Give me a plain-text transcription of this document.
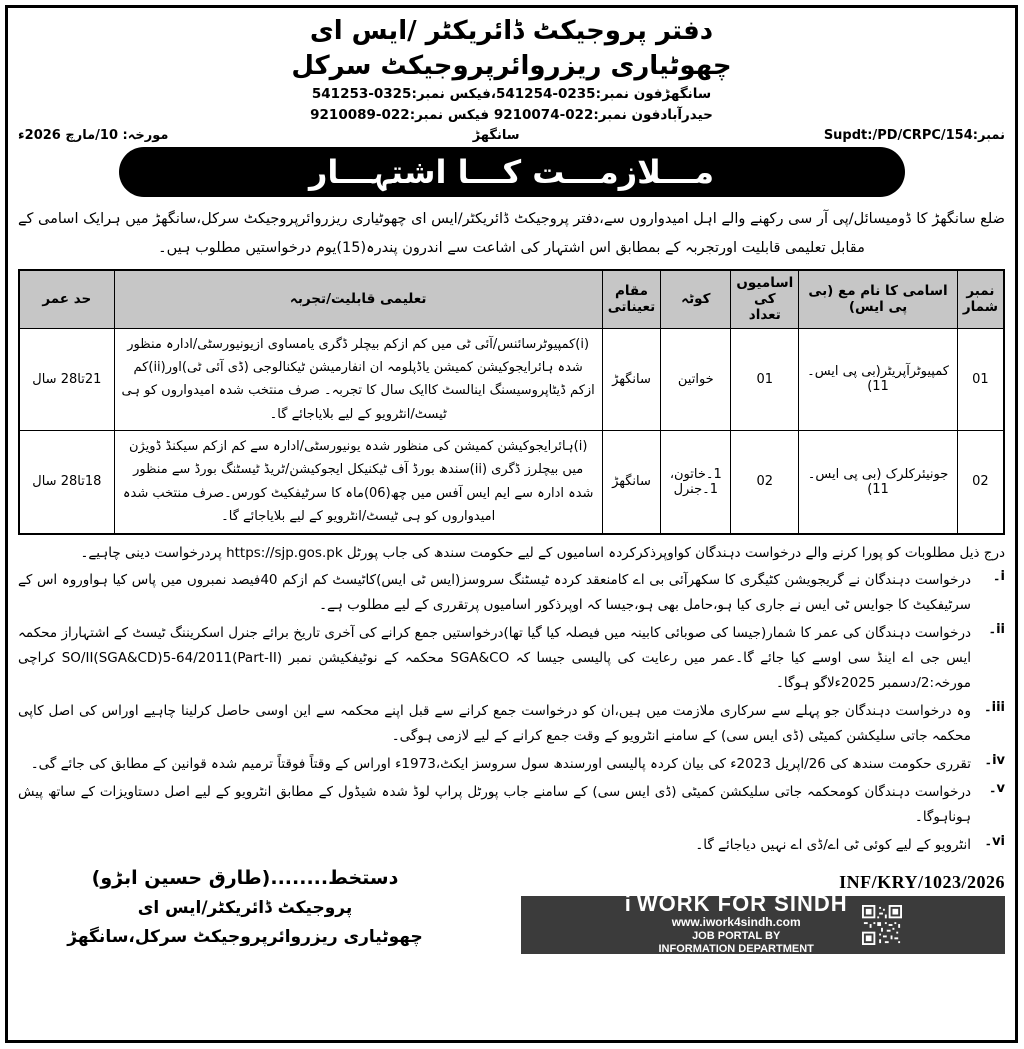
دفتر پروجیکٹ ڈائریکٹر /ایس ای
چھوٹیاری ریزروائرپروجیکٹ سرکل
سانگھڑفون نمبر:0235-541254،فیکس نمبر:0325-541253
حیدرآبادفون نمبر:022-9210074 فیکس نمبر:022-9210089
مورخہ: 10/مارچ 2026ء	سانگھڑ	نمبر:Supdt:/PD/CRPC/154
مـــلازمـــت کـــا اشتہـــار

ضلع سانگھڑ کا ڈومیسائل/پی آر سی رکھنے والے اہل امیدواروں سے،دفتر پروجیکٹ ڈائریکٹر/ایس ای چھوٹیاری ریزروائرپروجیکٹ سرکل،سانگھڑ میں ہرایک اسامی کے مقابل تعلیمی قابلیت اورتجربہ کے بمطابق اس اشتہار کی اشاعت سے اندرون پندرہ(15)یوم درخواستیں مطلوب ہیں۔

نمبر شمار	اسامی کا نام مع (بی پی ایس)	اسامیوں کی تعداد	کوٹہ	مقام تعیناتی	تعلیمی قابلیت/تجربہ	حد عمر
01	کمپیوٹرآپریٹر(بی پی ایس۔11)	01	خواتین	سانگھڑ	(i)کمپیوٹرسائنس/آئی ٹی میں کم ازکم بیچلر ڈگری یامساوی ازیونیورسٹی/ادارہ منظور شدہ ہائرایجوکیشن کمیشن یاڈپلومہ ان انفارمیشن ٹیکنالوجی (ڈی آئی ٹی)اور(ii)کم ازکم ڈیٹاپروسیسنگ اینالسٹ کاایک سال کا تجربہ۔ صرف منتخب شدہ امیدواروں کو ہی ٹیسٹ/انٹرویو کے لیے بلایاجائے گا۔	21تا28 سال
02	جونیئرکلرک (بی پی ایس۔11)	02	1۔خاتون، 1۔جنرل	سانگھڑ	(i)ہائرایجوکیشن کمیشن کی منظور شدہ یونیورسٹی/ادارہ سے کم ازکم سیکنڈ ڈویژن میں بیچلرز ڈگری (ii)سندھ بورڈ آف ٹیکنیکل ایجوکیشن/ٹریڈ ٹیسٹنگ بورڈ سے منظور شدہ ادارہ سے ایم ایس آفس میں چھ(06)ماہ کا سرٹیفکیٹ کورس۔صرف منتخب شدہ امیدواروں کو ہی ٹیسٹ/انٹرویو کے لیے بلایاجائے گا۔	18تا28 سال

درج ذیل مطلوبات کو پورا کرنے والے درخواست دہندگان کواوپرذکرکردہ اسامیوں کے لیے حکومت سندھ کی جاب پورٹل https://sjp.gos.pk پردرخواست دینی چاہیے۔

i۔
درخواست دہندگان نے گریجویشن کٹیگری کا سکھرآئی بی اے کامنعقد کردہ ٹیسٹنگ سروسز(ایس ٹی ایس)کاٹیسٹ کم ازکم 40فیصد نمبروں میں پاس کیا ہواوروہ اس کے سرٹیفکیٹ کا جوایس ٹی ایس نے جاری کیا ہو،حامل بھی ہو،جیسا کہ اوپرذکور اسامیوں پرتقرری کے لیے مطلوب ہے۔
ii۔
درخواست دہندگان کی عمر کا شمار(جیسا کی صوبائی کابینہ میں فیصلہ کیا گیا تھا)درخواستیں جمع کرانے کی آخری تاریخ برائے جنرل اسکریننگ ٹیسٹ کے اشتہاراز محکمہ ایس جی اے اینڈ سی اوسے کیا جائے گا۔عمر میں رعایت کی پالیسی جیسا کہ SGA&CO محکمہ کے نوٹیفکیشن نمبر SO/II(SGA&CD)5-64/2011(Part-II) کراچی مورخہ:2/دسمبر 2025ءلاگو ہوگا۔
iii۔
وہ درخواست دہندگان جو پہلے سے سرکاری ملازمت میں ہیں،ان کو درخواست جمع کرانے سے قبل اپنے محکمہ سے این اوسی حاصل کرلینا چاہیے اوراس کی اصل کاپی محکمہ جاتی سلیکشن کمیٹی (ڈی ایس سی) کے سامنے انٹرویو کے وقت جمع کرانے کے لیے لازمی ہوگی۔
iv۔
تقرری حکومت سندھ کی 26/اپریل 2023ء کی بیان کردہ پالیسی اورسندھ سول سروسز ایکٹ،1973ء اوراس کے وقتاً فوقتاً ترمیم شدہ قوانین کے مطابق کی جائے گی۔
v۔
درخواست دہندگان کومحکمہ جاتی سلیکشن کمیٹی (ڈی ایس سی) کے سامنے جاب پورٹل پراپ لوڈ شدہ شیڈول کے مطابق انٹرویو کے لیے اصل دستاویزات کے ساتھ پیش ہوناہوگا۔
vi۔
انٹرویو کے لیے کوئی ٹی اے/ڈی اے نہیں دیاجائے گا۔
دستخط........(طارق حسین ابڑو)
پروجیکٹ ڈائریکٹر/ایس ای
چھوٹیاری ریزروائرپروجیکٹ سرکل،سانگھڑ
INF/KRY/1023/2026
i WORK FOR SINDH
www.iwork4sindh.com
JOB PORTAL BY
INFORMATION DEPARTMENT
